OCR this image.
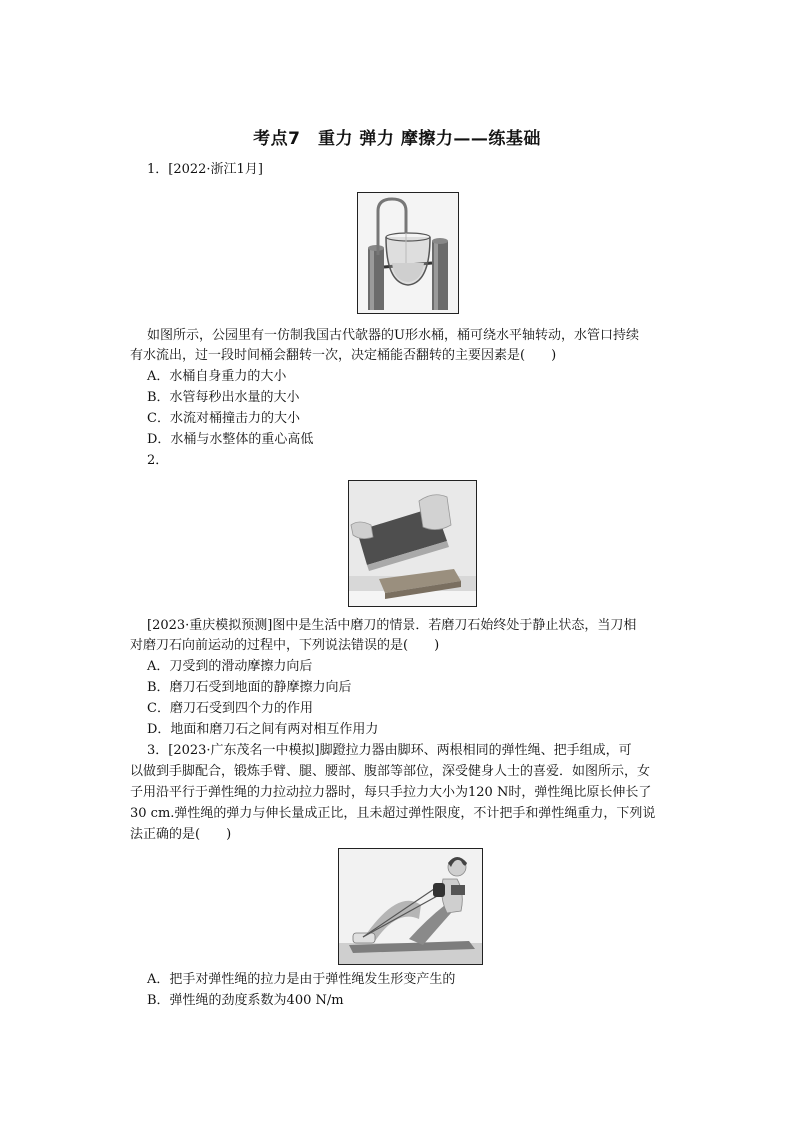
考点7　重力 弹力 摩擦力——练基础
1．[2022·浙江1月]
如图所示，公园里有一仿制我国古代欹器的U形水桶，桶可绕水平轴转动，水管口持续
有水流出，过一段时间桶会翻转一次，决定桶能否翻转的主要因素是(　　)
A．水桶自身重力的大小
B．水管每秒出水量的大小
C．水流对桶撞击力的大小
D．水桶与水整体的重心高低
2．
[2023·重庆模拟预测]图中是生活中磨刀的情景．若磨刀石始终处于静止状态，当刀相
对磨刀石向前运动的过程中，下列说法错误的是(　　)
A．刀受到的滑动摩擦力向后
B．磨刀石受到地面的静摩擦力向后
C．磨刀石受到四个力的作用
D．地面和磨刀石之间有两对相互作用力
3．[2023·广东茂名一中模拟]脚蹬拉力器由脚环、两根相同的弹性绳、把手组成，可
以做到手脚配合，锻炼手臂、腿、腰部、腹部等部位，深受健身人士的喜爱．如图所示，女
子用沿平行于弹性绳的力拉动拉力器时，每只手拉力大小为120 N时，弹性绳比原长伸长了
30 cm.弹性绳的弹力与伸长量成正比，且未超过弹性限度，不计把手和弹性绳重力，下列说
法正确的是(　　)
A．把手对弹性绳的拉力是由于弹性绳发生形变产生的
B．弹性绳的劲度系数为400 N/m
